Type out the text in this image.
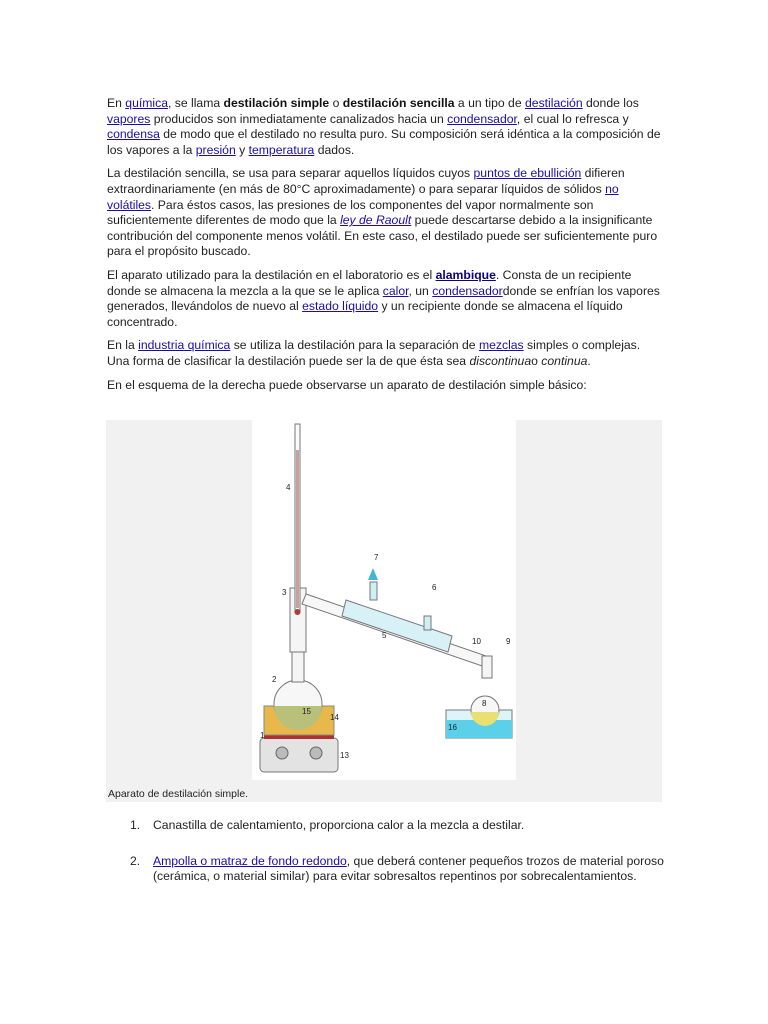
En química, se llama destilación simple o destilación sencilla a un tipo de destilación donde los vapores producidos son inmediatamente canalizados hacia un condensador, el cual lo refresca y condensa de modo que el destilado no resulta puro. Su composición será idéntica a la composición de los vapores a la presión y temperatura dados.

La destilación sencilla, se usa para separar aquellos líquidos cuyos puntos de ebullición difieren extraordinariamente (en más de 80°C aproximadamente) o para separar líquidos de sólidos no volátiles. Para éstos casos, las presiones de los componentes del vapor normalmente son suficientemente diferentes de modo que la ley de Raoult puede descartarse debido a la insignificante contribución del componente menos volátil. En este caso, el destilado puede ser suficientemente puro para el propósito buscado.

El aparato utilizado para la destilación en el laboratorio es el alambique. Consta de un recipiente donde se almacena la mezcla a la que se le aplica calor, un condensadordonde se enfrían los vapores generados, llevándolos de nuevo al estado líquido y un recipiente donde se almacena el líquido concentrado.

En la industria química se utiliza la destilación para la separación de mezclas simples o complejas. Una forma de clasificar la destilación puede ser la de que ésta sea discontinuao continua.

En el esquema de la derecha puede observarse un aparato de destilación simple básico:

1
2
3
4
5
6
7
8
9
10
13
14
15
16
Aparato de destilación simple.
1. Canastilla de calentamiento, proporciona calor a la mezcla a destilar.
2. Ampolla o matraz de fondo redondo, que deberá contener pequeños trozos de material poroso (cerámica, o material similar) para evitar sobresaltos repentinos por sobrecalentamientos.
